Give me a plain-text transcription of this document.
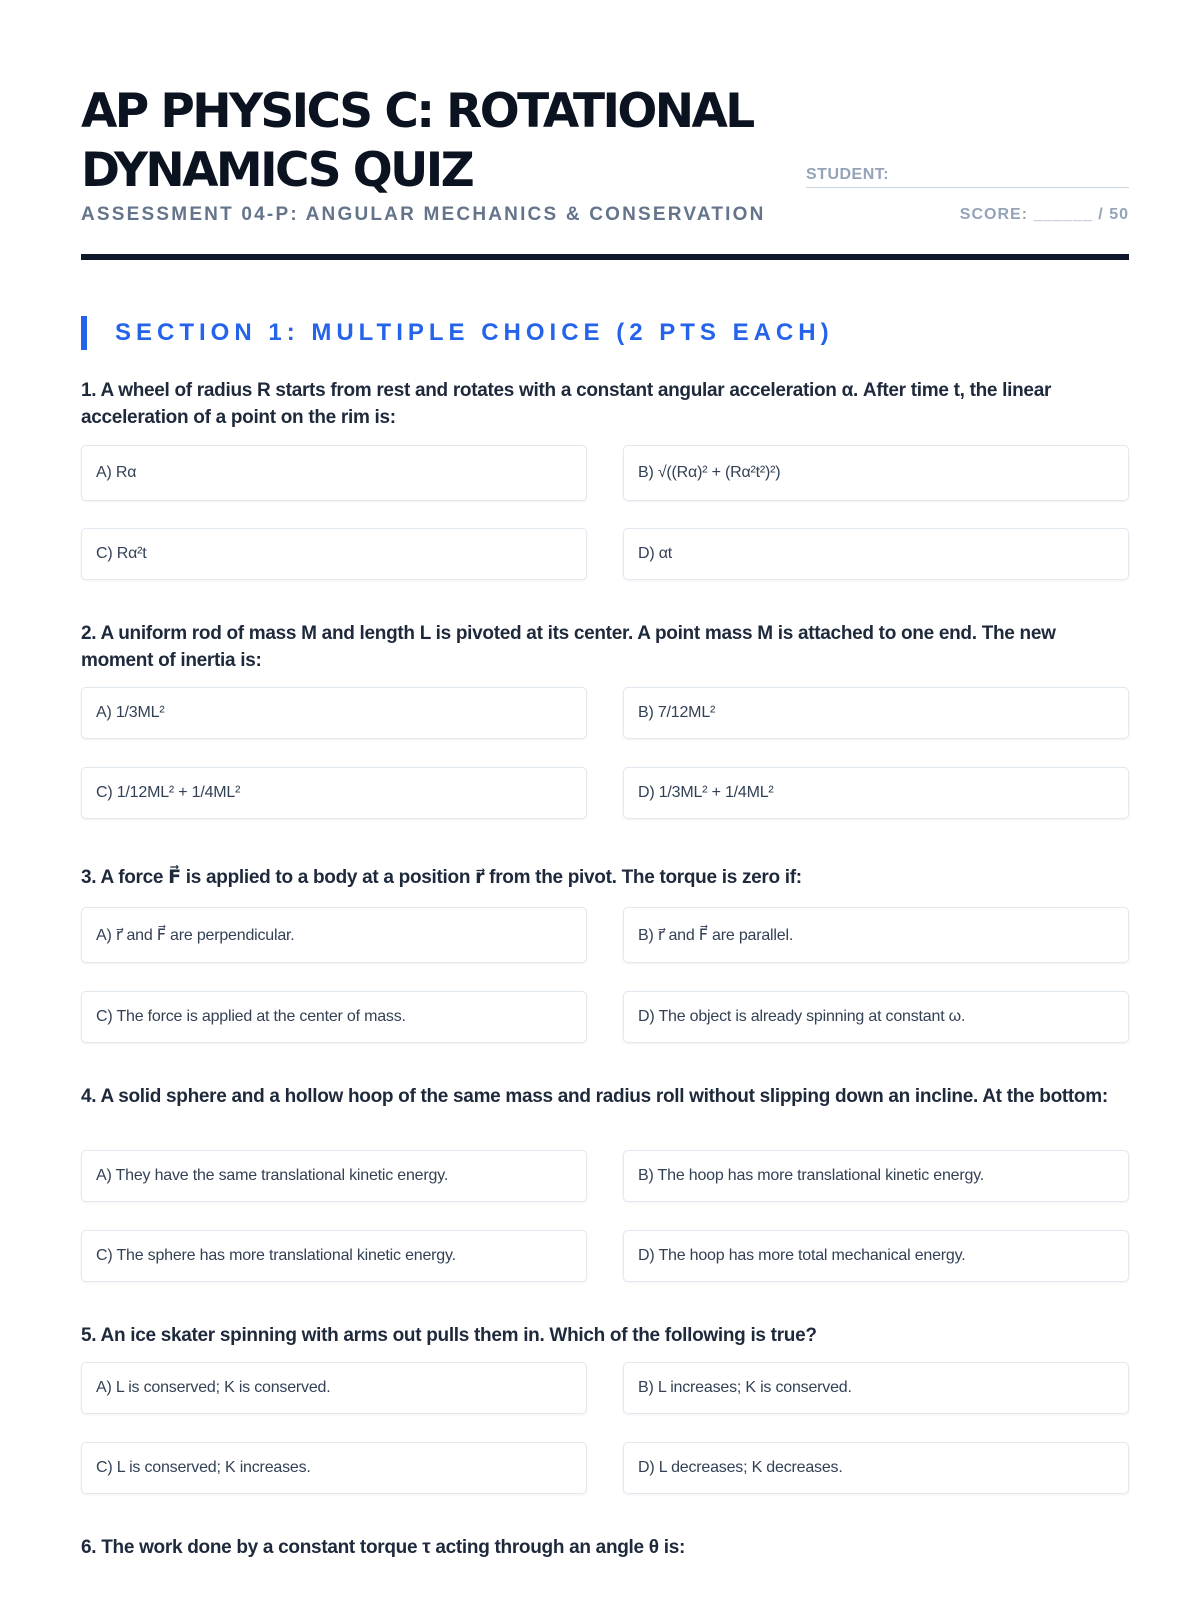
AP PHYSICS C: ROTATIONAL DYNAMICS QUIZ
ASSESSMENT 04-P: ANGULAR MECHANICS & CONSERVATION
STUDENT:
SCORE: ______ / 50
SECTION 1: MULTIPLE CHOICE (2 PTS EACH)
1. A wheel of radius R starts from rest and rotates with a constant angular acceleration α. After time t, the linear acceleration of a point on the rim is:
A) Rα	B) √((Rα)² + (Rα²t²)²)
C) Rα²t	D) αt
2. A uniform rod of mass M and length L is pivoted at its center. A point mass M is attached to one end. The new moment of inertia is:
A) 1/3ML²	B) 7/12ML²
C) 1/12ML² + 1/4ML²	D) 1/3ML² + 1/4ML²
3. A force F⃗ is applied to a body at a position r⃗ from the pivot. The torque is zero if:
A) r⃗ and F⃗ are perpendicular.	B) r⃗ and F⃗ are parallel.
C) The force is applied at the center of mass.	D) The object is already spinning at constant ω.
4. A solid sphere and a hollow hoop of the same mass and radius roll without slipping down an incline. At the bottom:
A) They have the same translational kinetic energy.	B) The hoop has more translational kinetic energy.
C) The sphere has more translational kinetic energy.	D) The hoop has more total mechanical energy.
5. An ice skater spinning with arms out pulls them in. Which of the following is true?
A) L is conserved; K is conserved.	B) L increases; K is conserved.
C) L is conserved; K increases.	D) L decreases; K decreases.
6. The work done by a constant torque τ acting through an angle θ is:
